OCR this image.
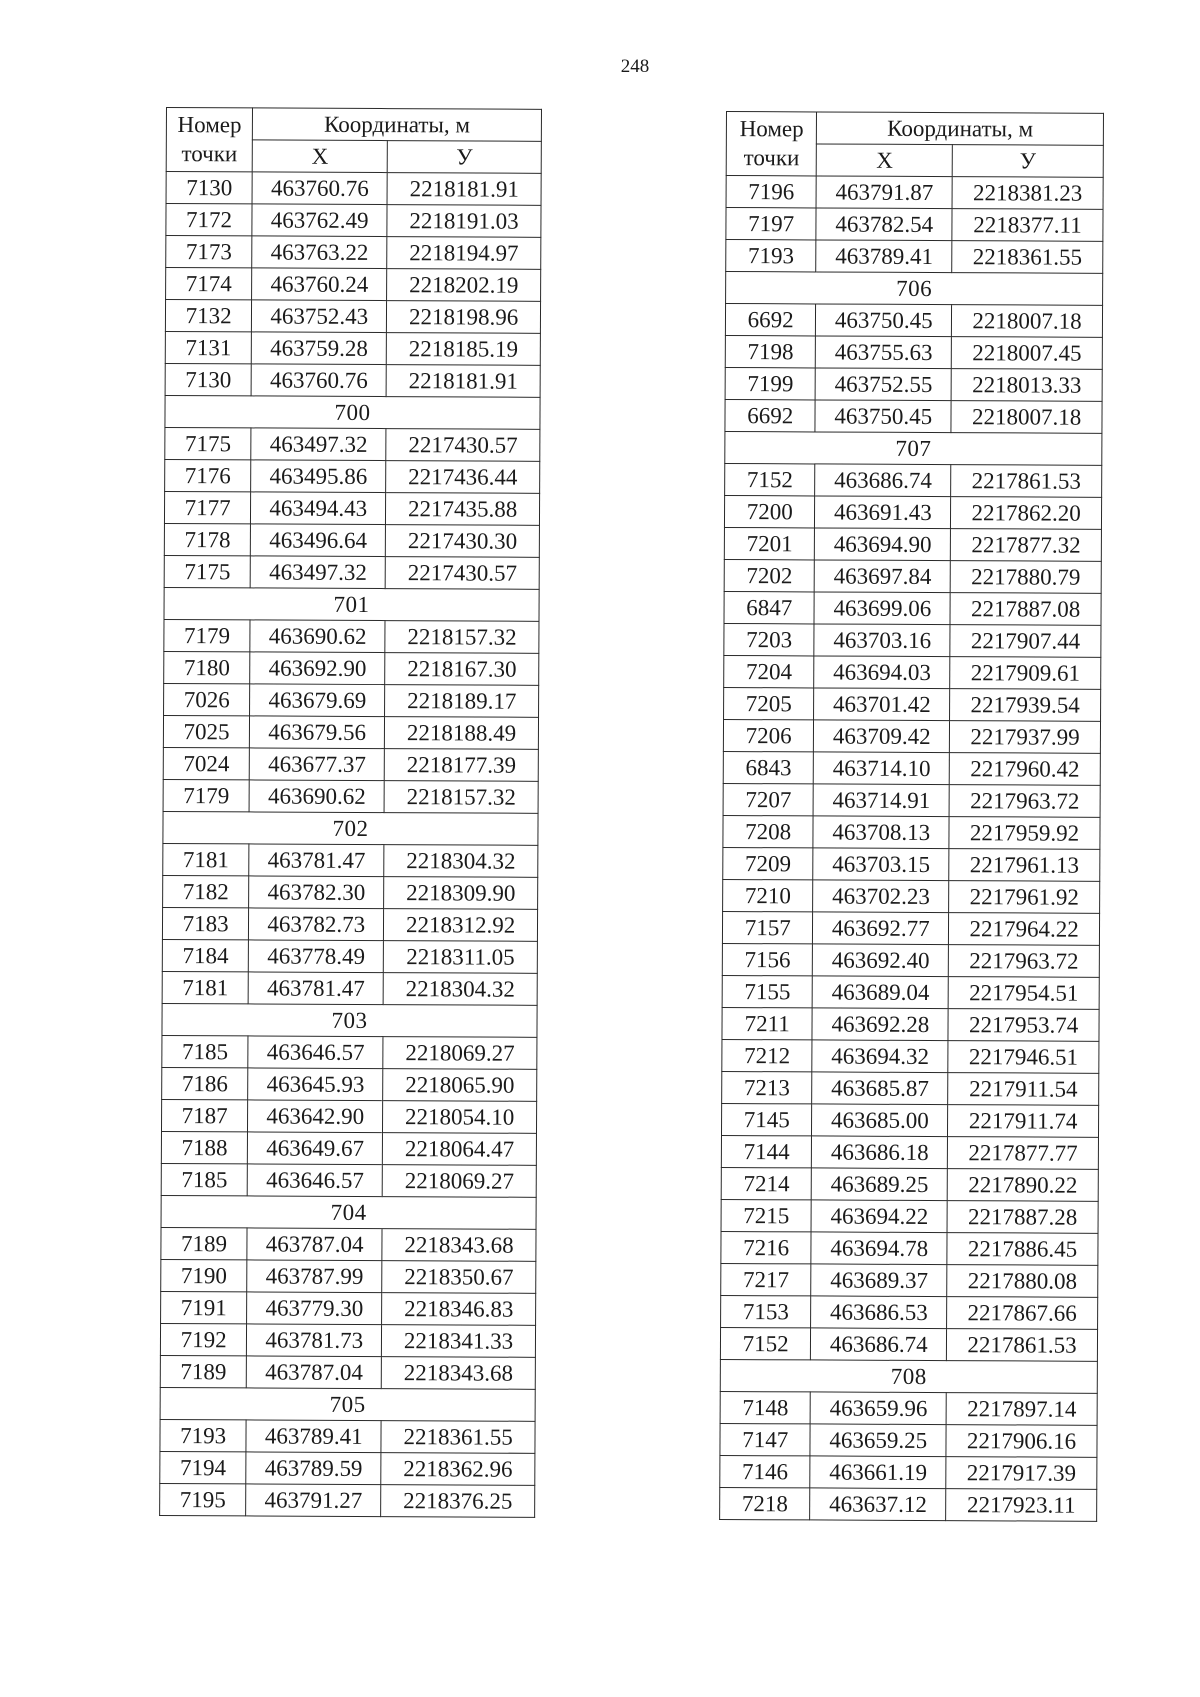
248
Номер
точки	Координаты, м	
	X	У
7130	463760.76	2218181.91
7172	463762.49	2218191.03
7173	463763.22	2218194.97
7174	463760.24	2218202.19
7132	463752.43	2218198.96
7131	463759.28	2218185.19
7130	463760.76	2218181.91
700		
7175	463497.32	2217430.57
7176	463495.86	2217436.44
7177	463494.43	2217435.88
7178	463496.64	2217430.30
7175	463497.32	2217430.57
701		
7179	463690.62	2218157.32
7180	463692.90	2218167.30
7026	463679.69	2218189.17
7025	463679.56	2218188.49
7024	463677.37	2218177.39
7179	463690.62	2218157.32
702		
7181	463781.47	2218304.32
7182	463782.30	2218309.90
7183	463782.73	2218312.92
7184	463778.49	2218311.05
7181	463781.47	2218304.32
703		
7185	463646.57	2218069.27
7186	463645.93	2218065.90
7187	463642.90	2218054.10
7188	463649.67	2218064.47
7185	463646.57	2218069.27
704		
7189	463787.04	2218343.68
7190	463787.99	2218350.67
7191	463779.30	2218346.83
7192	463781.73	2218341.33
7189	463787.04	2218343.68
705		
7193	463789.41	2218361.55
7194	463789.59	2218362.96
7195	463791.27	2218376.25
Номер
точки	Координаты, м	
	X	У
7196	463791.87	2218381.23
7197	463782.54	2218377.11
7193	463789.41	2218361.55
706		
6692	463750.45	2218007.18
7198	463755.63	2218007.45
7199	463752.55	2218013.33
6692	463750.45	2218007.18
707		
7152	463686.74	2217861.53
7200	463691.43	2217862.20
7201	463694.90	2217877.32
7202	463697.84	2217880.79
6847	463699.06	2217887.08
7203	463703.16	2217907.44
7204	463694.03	2217909.61
7205	463701.42	2217939.54
7206	463709.42	2217937.99
6843	463714.10	2217960.42
7207	463714.91	2217963.72
7208	463708.13	2217959.92
7209	463703.15	2217961.13
7210	463702.23	2217961.92
7157	463692.77	2217964.22
7156	463692.40	2217963.72
7155	463689.04	2217954.51
7211	463692.28	2217953.74
7212	463694.32	2217946.51
7213	463685.87	2217911.54
7145	463685.00	2217911.74
7144	463686.18	2217877.77
7214	463689.25	2217890.22
7215	463694.22	2217887.28
7216	463694.78	2217886.45
7217	463689.37	2217880.08
7153	463686.53	2217867.66
7152	463686.74	2217861.53
708		
7148	463659.96	2217897.14
7147	463659.25	2217906.16
7146	463661.19	2217917.39
7218	463637.12	2217923.11
